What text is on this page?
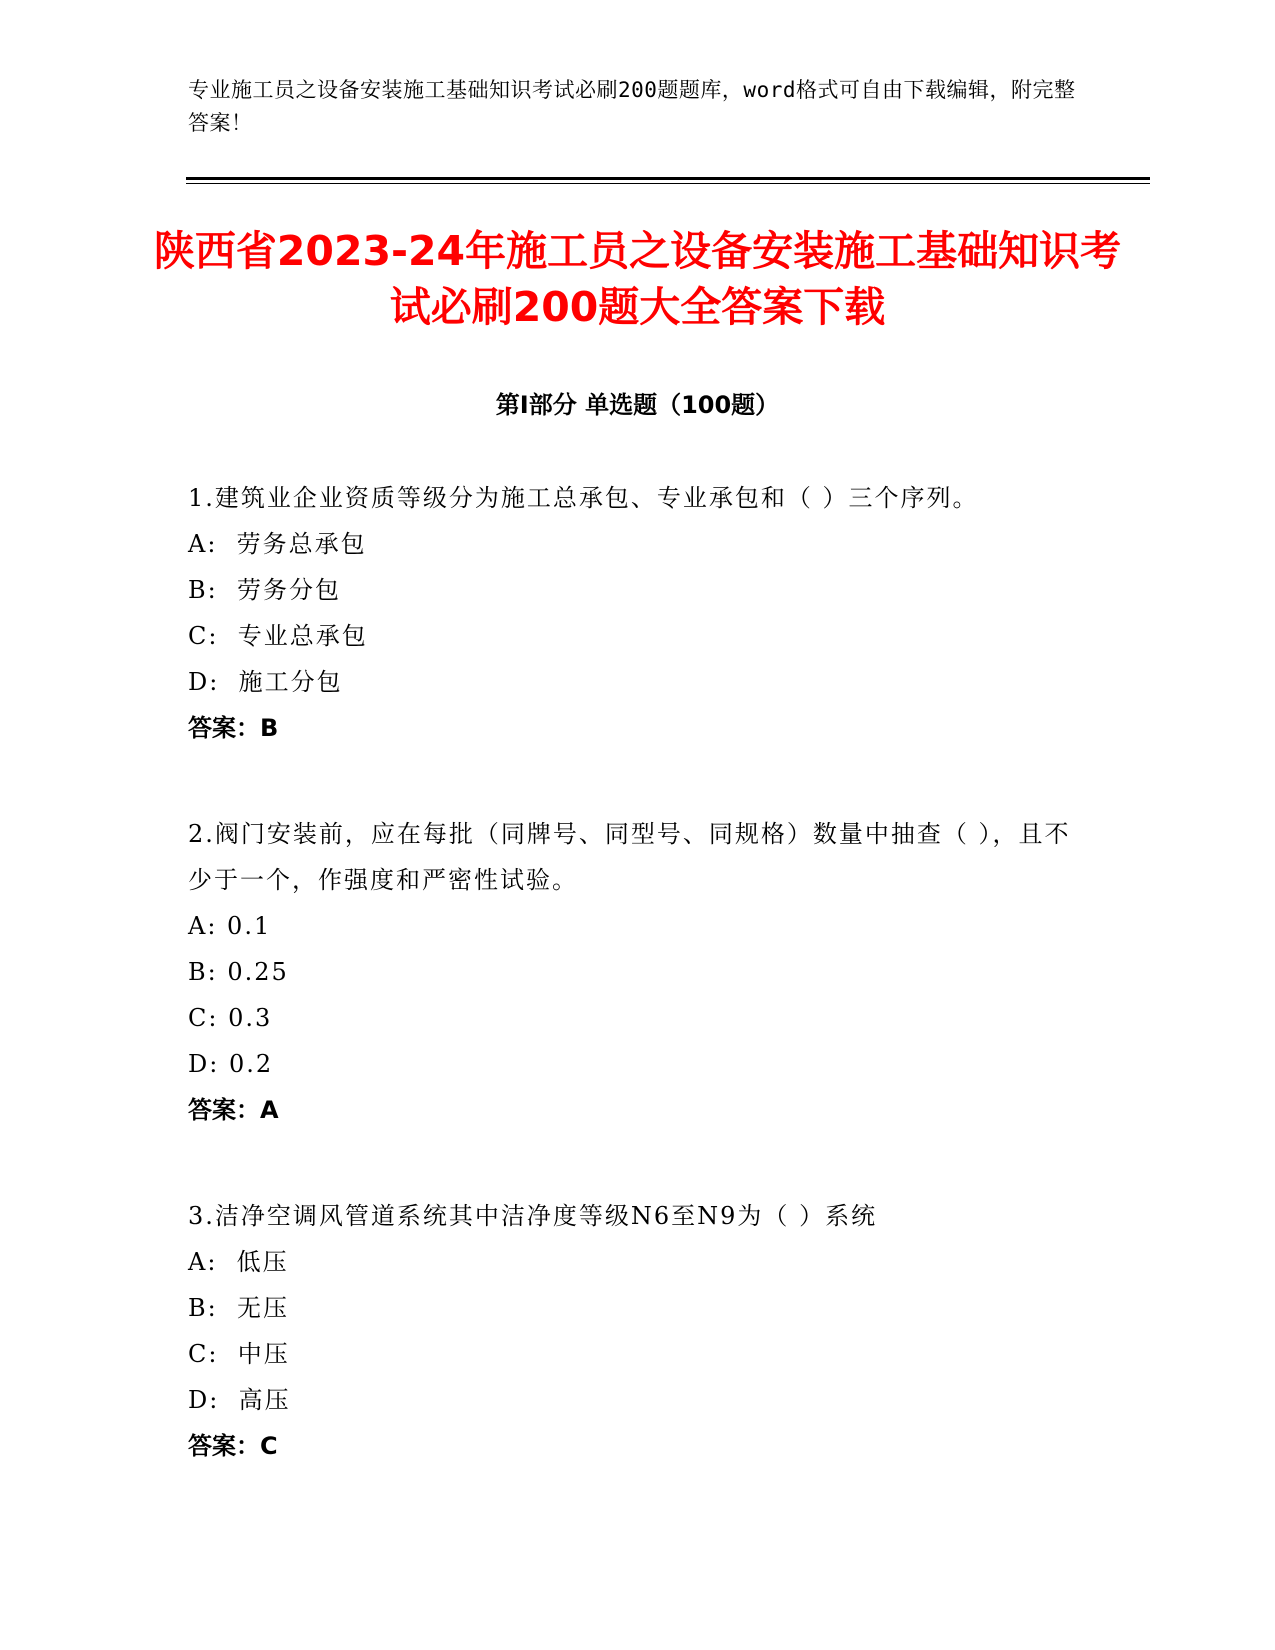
专业施工员之设备安装施工基础知识考试必刷200题题库，word格式可自由下载编辑，附完整答案！
陕西省2023-24年施工员之设备安装施工基础知识考试必刷200题大全答案下载
第I部分 单选题（100题）
1.建筑业企业资质等级分为施工总承包、专业承包和（ ）三个序列。
A:  劳务总承包
B:  劳务分包
C:  专业总承包
D:  施工分包
答案：B
2.阀门安装前，应在每批（同牌号、同型号、同规格）数量中抽查（ ），且不少于一个，作强度和严密性试验。
A: 0.1
B: 0.25
C: 0.3
D: 0.2
答案：A
3.洁净空调风管道系统其中洁净度等级N6至N9为（ ）系统
A:  低压
B:  无压
C:  中压
D:  高压
答案：C
